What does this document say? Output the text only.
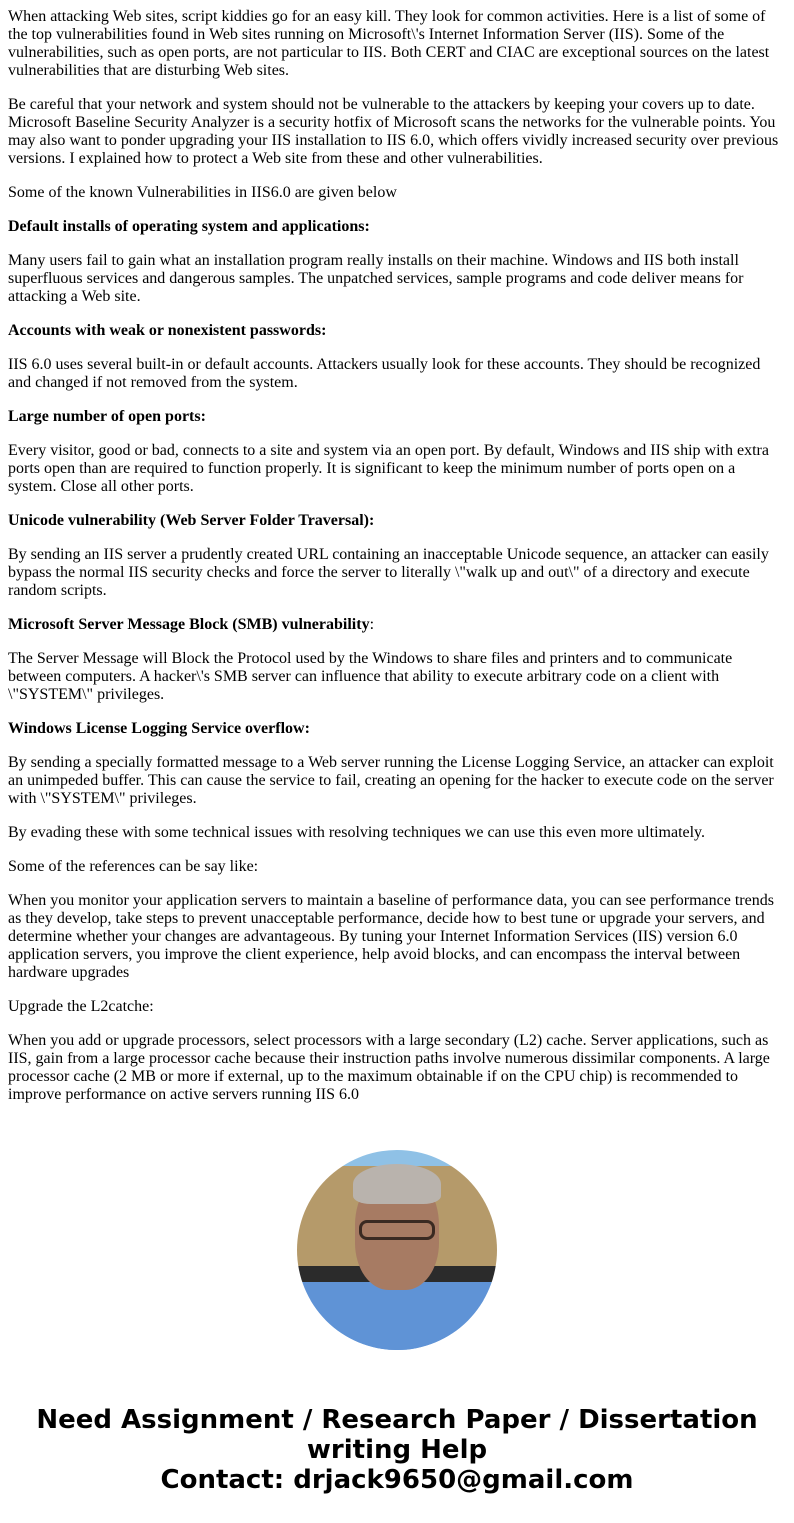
When attacking Web sites, script kiddies go for an easy kill. They look for common activities. Here is a list of some of the top vulnerabilities found in Web sites running on Microsoft\'s Internet Information Server (IIS). Some of the vulnerabilities, such as open ports, are not particular to IIS. Both CERT and CIAC are exceptional sources on the latest vulnerabilities that are disturbing Web sites.

Be careful that your network and system should not be vulnerable to the attackers by keeping your covers up to date. Microsoft Baseline Security Analyzer is a security hotfix of Microsoft scans the networks for the vulnerable points. You may also want to ponder upgrading your IIS installation to IIS 6.0, which offers vividly increased security over previous versions. I explained how to protect a Web site from these and other vulnerabilities.

Some of the known Vulnerabilities in IIS6.0 are given below

Default installs of operating system and applications:

Many users fail to gain what an installation program really installs on their machine. Windows and IIS both install superfluous services and dangerous samples. The unpatched services, sample programs and code deliver means for attacking a Web site.

Accounts with weak or nonexistent passwords:

IIS 6.0 uses several built-in or default accounts. Attackers usually look for these accounts. They should be recognized and changed if not removed from the system.

Large number of open ports:

Every visitor, good or bad, connects to a site and system via an open port. By default, Windows and IIS ship with extra ports open than are required to function properly. It is significant to keep the minimum number of ports open on a system. Close all other ports.

Unicode vulnerability (Web Server Folder Traversal):

By sending an IIS server a prudently created URL containing an inacceptable Unicode sequence, an attacker can easily bypass the normal IIS security checks and force the server to literally \"walk up and out\" of a directory and execute random scripts.

Microsoft Server Message Block (SMB) vulnerability:

The Server Message will Block the Protocol used by the Windows to share files and printers and to communicate between computers. A hacker\'s SMB server can influence that ability to execute arbitrary code on a client with \"SYSTEM\" privileges.

Windows License Logging Service overflow:

By sending a specially formatted message to a Web server running the License Logging Service, an attacker can exploit an unimpeded buffer. This can cause the service to fail, creating an opening for the hacker to execute code on the server with \"SYSTEM\" privileges.

By evading these with some technical issues with resolving techniques we can use this even more ultimately.

Some of the references can be say like:

When you monitor your application servers to maintain a baseline of performance data, you can see performance trends as they develop, take steps to prevent unacceptable performance, decide how to best tune or upgrade your servers, and determine whether your changes are advantageous. By tuning your Internet Information Services (IIS) version 6.0 application servers, you improve the client experience, help avoid blocks, and can encompass the interval between hardware upgrades

Upgrade the L2catche:

When you add or upgrade processors, select processors with a large secondary (L2) cache. Server applications, such as IIS, gain from a large processor cache because their instruction paths involve numerous dissimilar components. A large processor cache (2 MB or more if external, up to the maximum obtainable if on the CPU chip) is recommended to improve performance on active servers running IIS 6.0

Need Assignment / Research Paper / Dissertation writing Help
Contact: drjack9650@gmail.com
